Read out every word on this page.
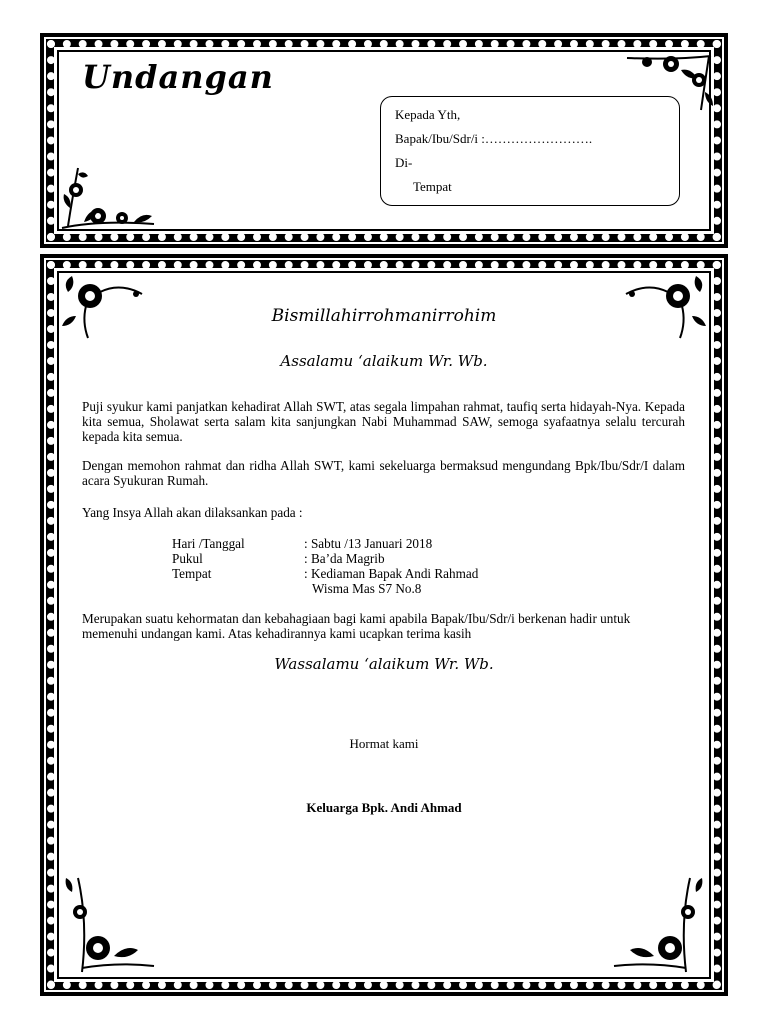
Undangan
Kepada Yth,
Bapak/Ibu/Sdr/i :…………………….
Di-
Tempat
Bismillahirrohmanirrohim
Assalamu ‘alaikum Wr. Wb.
Puji syukur kami panjatkan kehadirat Allah SWT, atas segala limpahan rahmat, taufiq serta hidayah-Nya. Kepada kita semua, Sholawat serta salam kita sanjungkan Nabi Muhammad SAW, semoga syafaatnya selalu tercurah kepada kita semua.
Dengan memohon rahmat dan ridha Allah SWT, kami sekeluarga bermaksud mengundang Bpk/Ibu/Sdr/I dalam acara Syukuran Rumah.
Yang Insya Allah akan dilaksankan pada :
Hari /Tanggal	: Sabtu /13 Januari 2018
Pukul	: Ba’da Magrib
Tempat	: Kediaman Bapak Andi Rahmad
Wisma Mas S7 No.8
Merupakan suatu kehormatan dan kebahagiaan bagi kami apabila Bapak/Ibu/Sdr/i berkenan hadir untuk memenuhi undangan kami. Atas kehadirannya kami ucapkan terima kasih
Wassalamu ‘alaikum Wr. Wb.
Hormat kami
Keluarga Bpk. Andi Ahmad
